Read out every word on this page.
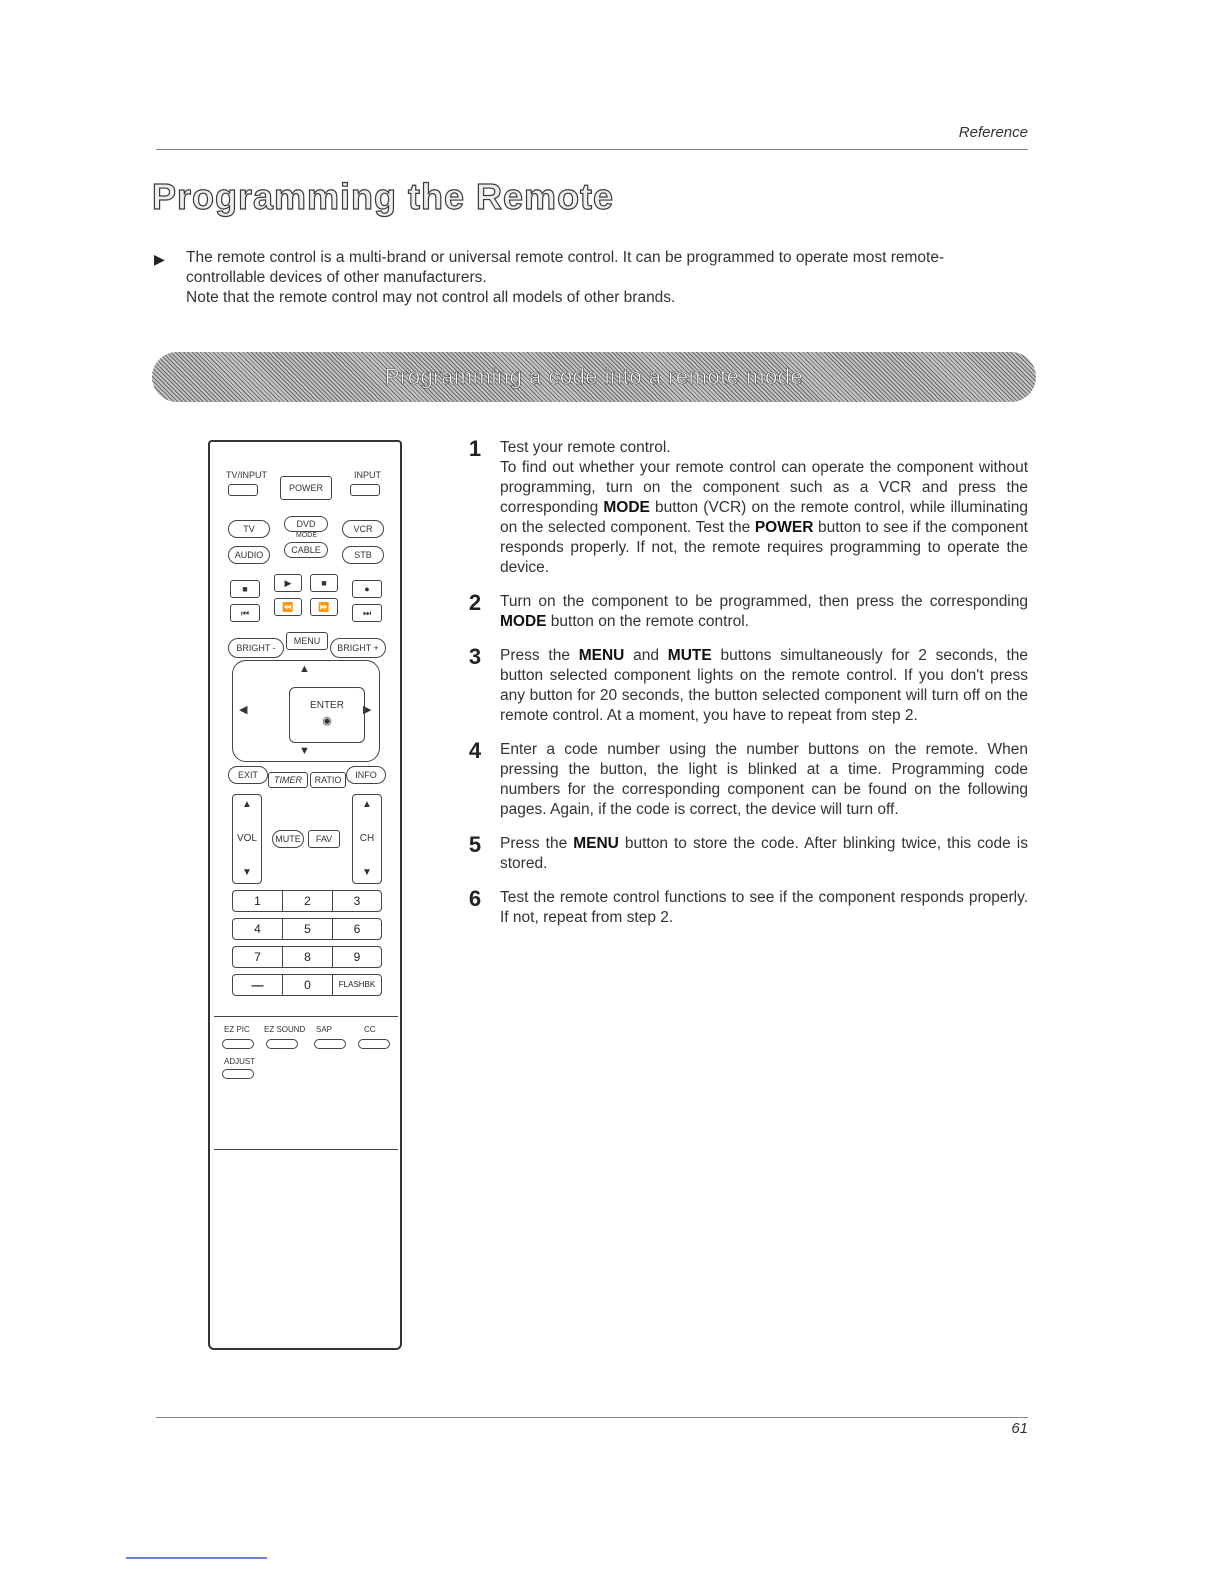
Reference
Programming the Remote
▶ The remote control is a multi-brand or universal remote control. It can be programmed to operate most remote-controllable devices of other manufacturers.
Note that the remote control may not control all models of other brands.
Programming a code into a remote mode
TV/INPUT	INPUT
POWER
TV	DVD	VCR
MODE
AUDIO	CABLE	STB
■
▶	■
●
⏮
⏪	⏩
⏭
BRIGHT -
MENU
BRIGHT +
▲
◀	▶
▼
ENTER
◉
EXIT	TIMER	RATIO	INFO
▲
VOL
▼
MUTE	FAV
▲
CH
▼
1	2	3
4	5	6
7	8	9
—	0	FLASHBK
EZ PIC EZ SOUND SAP	CC
ADJUST
1	Test your remote control.
To find out whether your remote control can operate the component without programming, turn on the component such as a VCR and press the corresponding MODE button (VCR) on the remote control, while illuminating on the selected component. Test the POWER button to see if the component responds properly. If not, the remote requires programming to operate the device.
2	Turn on the component to be programmed, then press the corresponding MODE button on the remote control.
3	Press the MENU and MUTE buttons simultaneously for 2 seconds, the button selected component lights on the remote control. If you don't press any button for 20 seconds, the button selected component will turn off on the remote control. At a moment, you have to repeat from step 2.
4	Enter a code number using the number buttons on the remote. When pressing the button, the light is blinked at a time. Programming code numbers for the corresponding component can be found on the following pages. Again, if the code is correct, the device will turn off.
5	Press the MENU button to store the code. After blinking twice, this code is stored.
6	Test the remote control functions to see if the component responds properly. If not, repeat from step 2.
61
